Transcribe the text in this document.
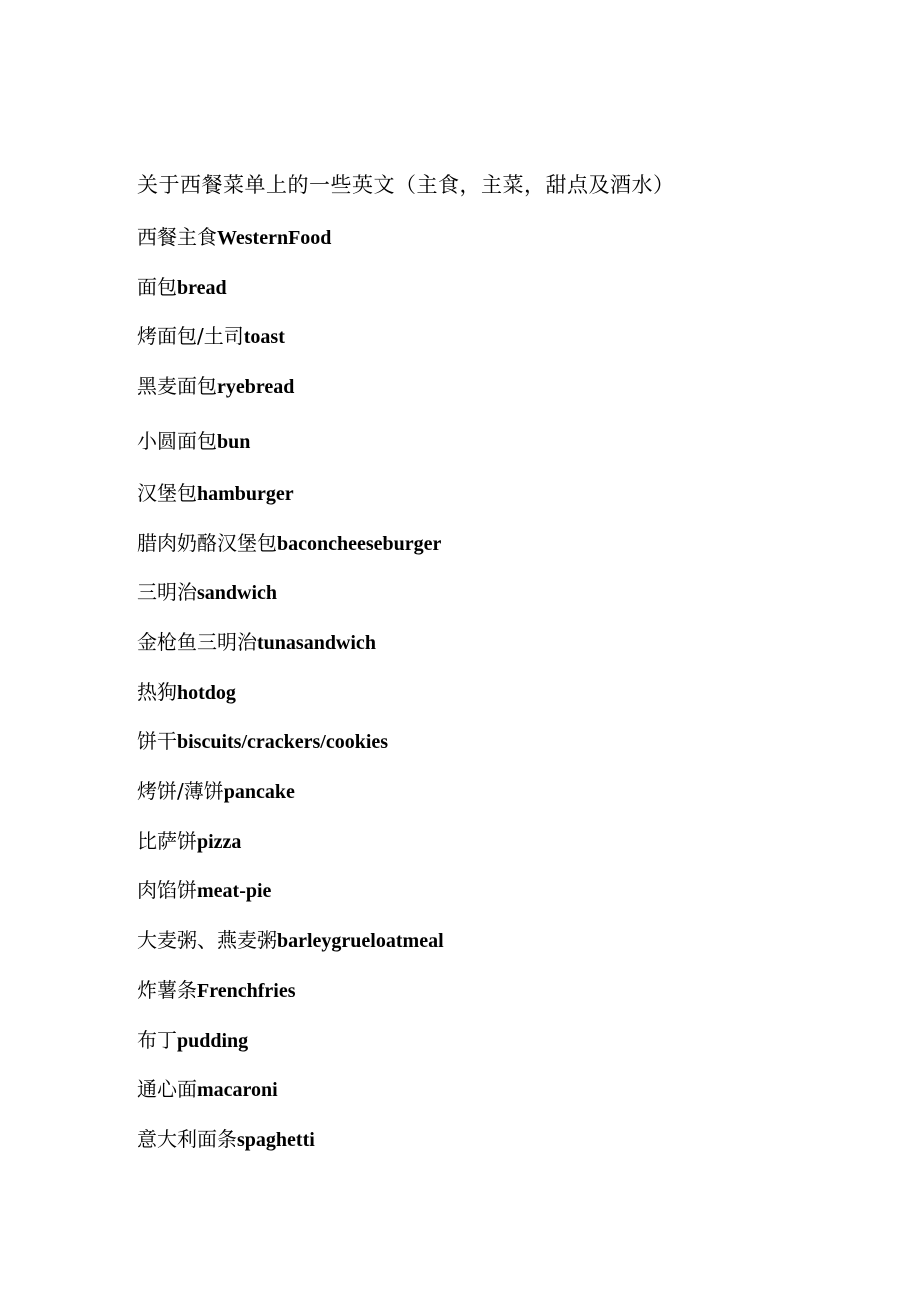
关于西餐菜单上的一些英文（主食，主菜，甜点及酒水）
西餐主食WesternFood
面包bread
烤面包/土司toast
黑麦面包ryebread
小圆面包bun
汉堡包hamburger
腊肉奶酪汉堡包baconcheeseburger
三明治sandwich
金枪鱼三明治tunasandwich
热狗hotdog
饼干biscuits/crackers/cookies
烤饼/薄饼pancake
比萨饼pizza
肉馅饼meat-pie
大麦粥、燕麦粥barleygrueloatmeal
炸薯条Frenchfries
布丁pudding
通心面macaroni
意大利面条spaghetti
